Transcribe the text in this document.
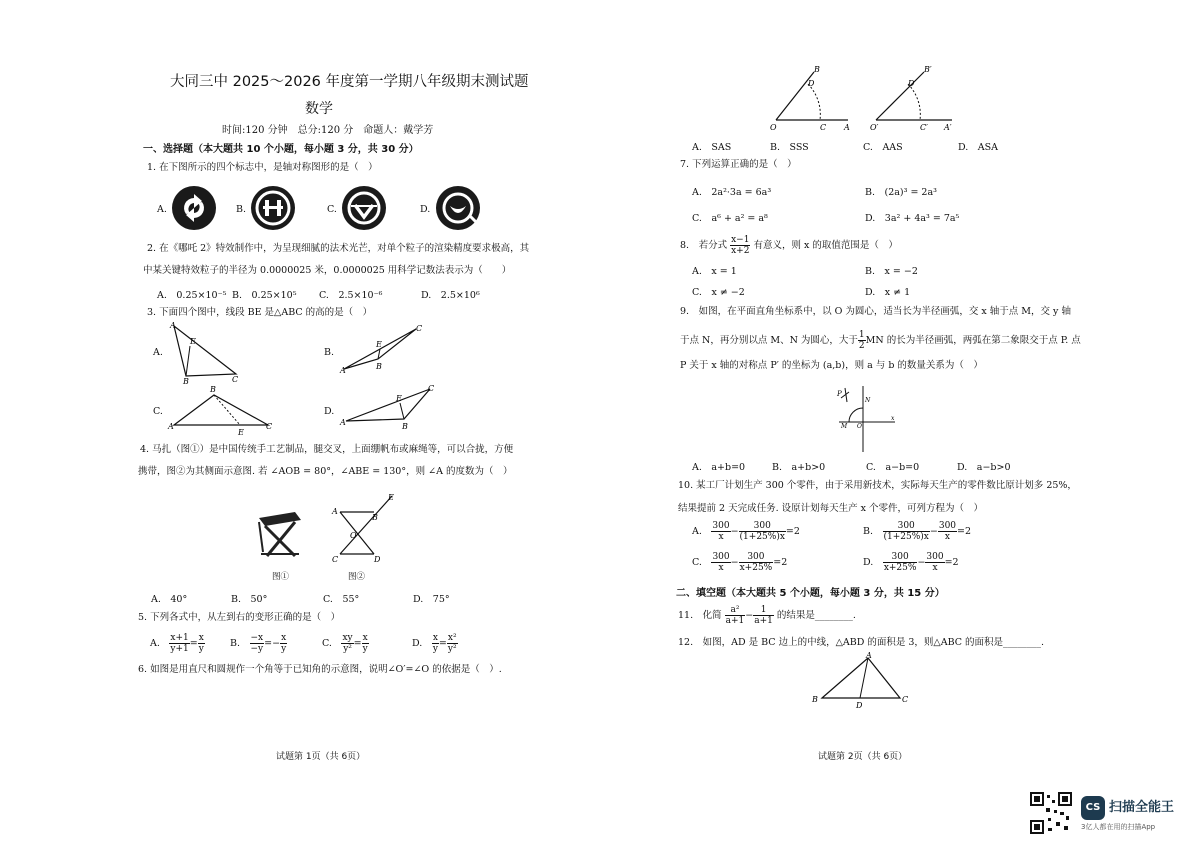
大同三中 2025～2026 年度第一学期八年级期末测试题
数学
时间:120 分钟　总分:120 分　命题人：戴学芳
一、选择题（本大题共 10 个小题，每小题 3 分，共 30 分）
1. 在下图所示的四个标志中，是轴对称图形的是（　）
A.	B.	C.	D.
2. 在《哪吒 2》特效制作中，为呈现细腻的法术光芒，对单个粒子的渲染精度要求极高，其
中某关键特效粒子的半径为 0.0000025 米，0.0000025 用科学记数法表示为（　　）
A.　0.25×10⁻⁵ B.　0.25×10⁵ C.　2.5×10⁻⁶	D.　2.5×10⁶
3. 下面四个图中，线段 BE 是△ABC 的高的是（　）
A.
A
E
B	C
B.
A
C
E
B
C.
A
B
C
E
D.
A
C
E
B
4. 马扎（图①）是中国传统手工艺制品，腿交叉，上面绷帆布或麻绳等，可以合拢，方便
携带，图②为其侧面示意图. 若 ∠AOB = 80°，∠ABE = 130°，则 ∠A 的度数为（　）
图①
A
B
E
O
C	D
图②
A.　40°	B.　50°	C.　55°	D.　75°
5. 下列各式中，从左到右的变形正确的是（　）
A.　 $\frac{x+1}{y+1} = \frac{x}{y}$	B.　 $\frac{-x}{-y} =- \frac{x}{y}$	C.　 $\frac{xy}{\text{y²}} = \frac{x}{y}$	D.　 $\frac{x}{y} = \frac{\text{x²}}{\text{y²}}$
6. 如图是用直尺和圆规作一个角等于已知角的示意图，说明∠O′=∠O 的依据是（　）.
试题第 1页（共 6页）
O	C A
D
B
O′	C′ A′
D′
B′
A.　SAS	B.　SSS	C.　AAS	D.　ASA
7. 下列运算正确的是（　）
A.　2a²·3a = 6a³	B.　(2a)³ = 2a³
C.　a⁶ + a² = a⁸	D.　3a² + 4a³ = 7a⁵
8.　若分式 $\frac{x-1}{x+2}$ 有意义，则 x 的取值范围是（　）
A.　x = 1	B.　x = −2
C.　x ≠ −2	D.　x ≠ 1
9.　如图，在平面直角坐标系中，以 O 为圆心，适当长为半径画弧，交 x 轴于点 M，交 y 轴
于点 N，再分别以点 M、N 为圆心，大于 $\frac{1}{2}$ MN 的长为半径画弧，两弧在第二象限交于点 P. 点
P 关于 x 轴的对称点 P′ 的坐标为 (a,b)，则 a 与 b 的数量关系为（　）
P
N
M O
x
A.　a+b=0	B.　a+b>0	C.　a−b=0	D.　a−b>0
10. 某工厂计划生产 300 个零件，由于采用新技术，实际每天生产的零件数比原计划多 25%，
结果提前 2 天完成任务. 设原计划每天生产 x 个零件，可列方程为（　）
A.　 $\frac{300}{x} - \frac{300}{(1+25\%)x} =2$	B.　 $\frac{300}{(1+25\%)x} - \frac{300}{x} =2$
C.　 $\frac{300}{x} - \frac{300}{x+25\%} =2$	D.　 $\frac{300}{x+25\%} - \frac{300}{x} =2$
二、填空题（本大题共 5 个小题，每小题 3 分，共 15 分）
11.　化简 $\frac{\text{a²}}{a+1} - \frac{1}{a+1}$ 的结果是________.
12.　如图，AD 是 BC 边上的中线，△ABD 的面积是 3，则△ABC 的面积是________.
A
B	C
D
试题第 2页（共 6页）
CS 扫描全能王
3亿人都在用的扫描App
